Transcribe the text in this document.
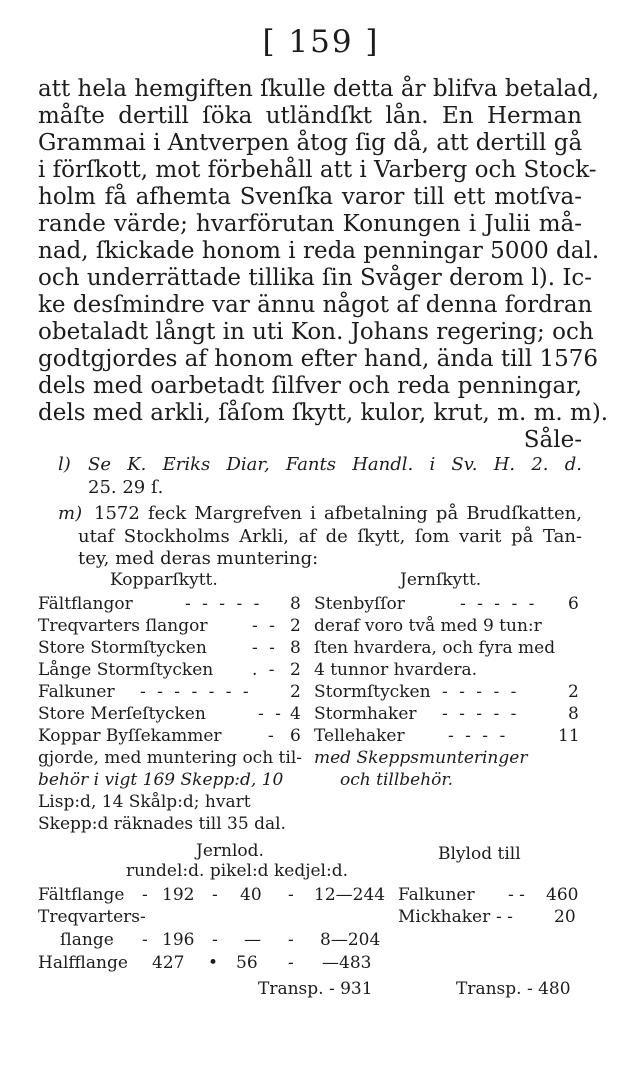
[ 159 ]
att hela hemgiften ſkulle detta år blifva betalad,
måſte dertill ſöka utländſkt lån. En Herman
Grammai i Antverpen åtog ſig då, att dertill gå
i förſkott, mot förbehåll att i Varberg och Stock-
holm få afhemta Svenſka varor till ett motſva-
rande värde; hvarförutan Konungen i Julii må-
nad, ſkickade honom i reda penningar 5000 dal.
och underrättade tillika ſin Svåger derom l). Ic-
ke desſmindre var ännu något af denna fordran
obetaladt långt in uti Kon. Johans regering; och
godtgjordes af honom efter hand, ända till 1576
dels med oarbetadt ſilfver och reda penningar,
dels med arkli, ſåſom ſkytt, kulor, krut, m. m. m).
Såle-
l) Se K. Eriks Diar, Fants Handl. i Sv. H. 2. d.
25. 29 ſ.
m) 1572 feck Margrefven i afbetalning på Brudſkatten,
utaf Stockholms Arkli, af de ſkytt, ſom varit på Tan-
tey, med deras muntering:
Kopparſkytt.	Jernſkytt.
Fältflangor	- - - - - 8 Stenbyſſor	- - - - - 6
Treqvarters ſlangor	- - 2 deraf voro två med 9 tun:r
Store Stormſtycken	- - 8 ſten hvardera, och fyra med
Långe Stormſtycken . - 2 4 tunnor hvardera.
Falkuner - - - - - - - 2 Stormſtycken - - - - -	2
Store Merſeſtycken	- - 4 Stormhaker - - - - -	8
Koppar Byſſekammer	- 6 Tellehaker	- - - -	11
gjorde, med muntering och til-
behör i vigt 169 Skepp:d, 10
Lisp:d, 14 Skålp:d; hvart
Skepp:d räknades till 35 dal.
med Skeppsmunteringer
och tillbehör.
Jernlod.	Blylod till
rundel:d. pikel:d kedjel:d.
Fältflange - 192 - 40 - 12—244 Falkuner - - 460
Treqvarters-	Mickhaker - - 20
ſlange - 196 - — - 8—204
Halfflange 427 • 56 - —483
Transp. - 931	Transp. - 480
